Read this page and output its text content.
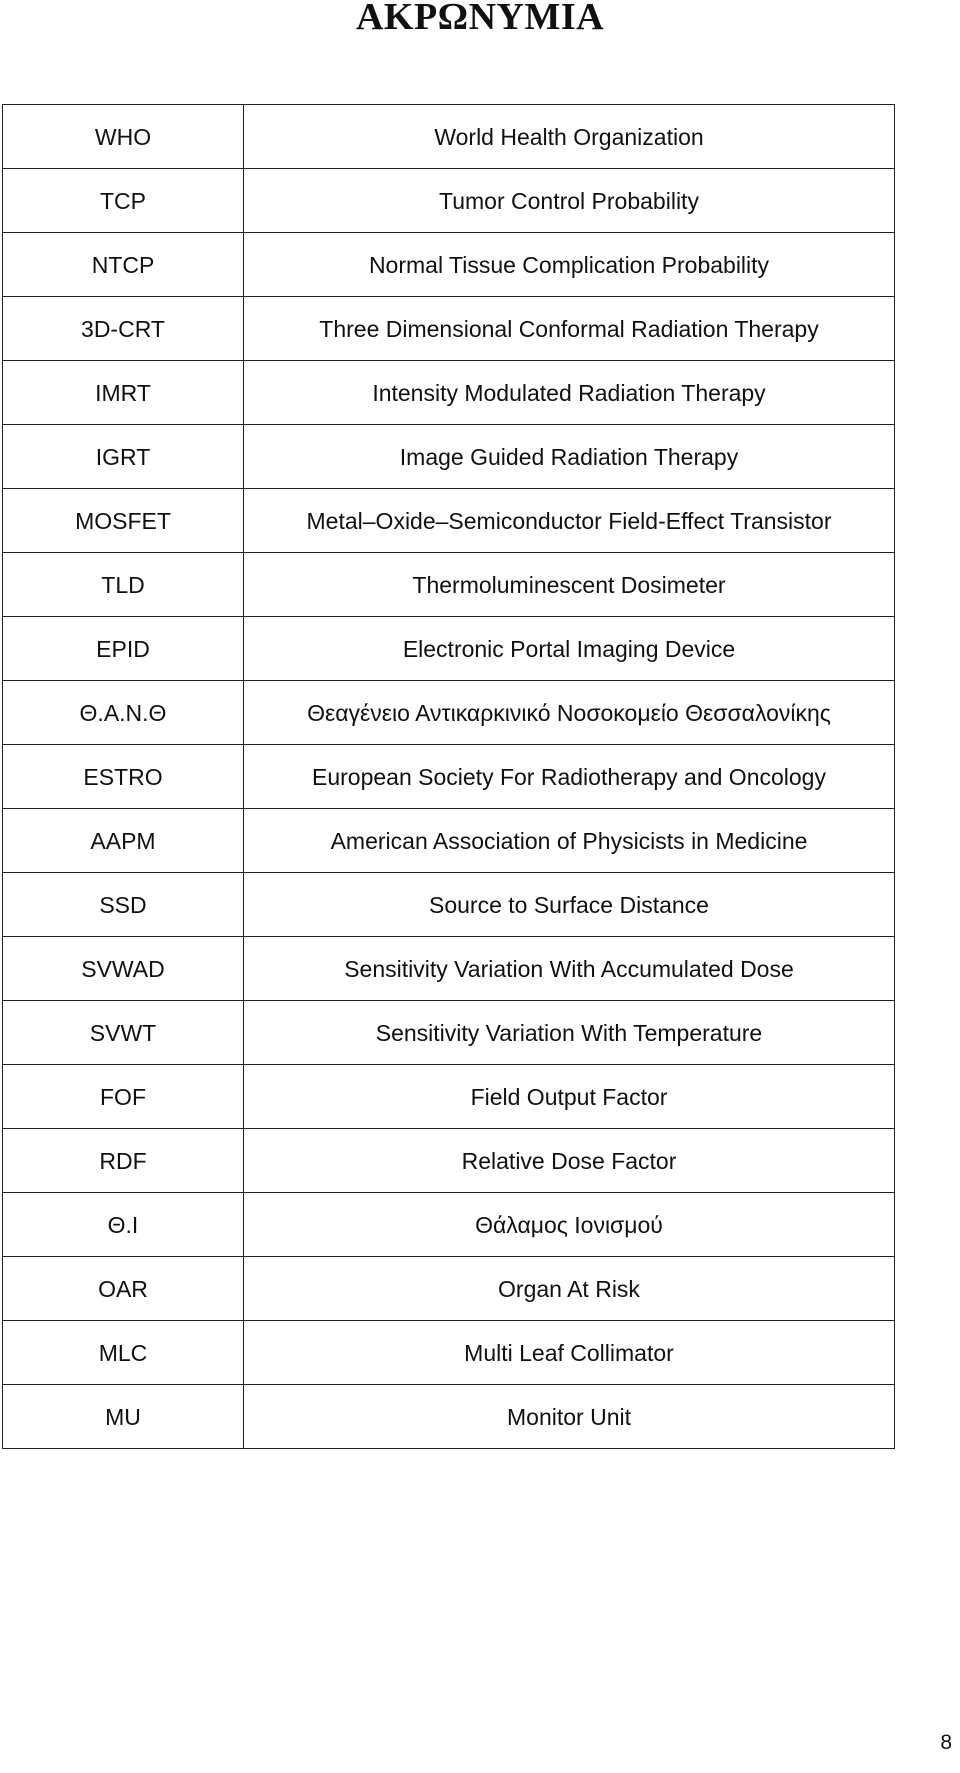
ΑΚΡΩΝΥΜΙΑ
WHO	World Health Organization
TCP	Tumor Control Probability
NTCP	Normal Tissue Complication Probability
3D-CRT	Three Dimensional Conformal Radiation Therapy
IMRT	Intensity Modulated Radiation Therapy
IGRT	Image Guided Radiation Therapy
MOSFET	Metal–Oxide–Semiconductor Field-Effect Transistor
TLD	Thermoluminescent Dosimeter
EPID	Electronic Portal Imaging Device
Θ.Α.Ν.Θ	Θεαγένειο Αντικαρκινικό Νοσοκομείο Θεσσαλονίκης
ESTRO	European Society For Radiotherapy and Oncology
AAPM	American Association of Physicists in Medicine
SSD	Source to Surface Distance
SVWAD	Sensitivity Variation With Accumulated Dose
SVWT	Sensitivity Variation With Temperature
FOF	Field Output Factor
RDF	Relative Dose Factor
Θ.Ι	Θάλαμος Ιονισμού
OAR	Organ At Risk
MLC	Multi Leaf Collimator
MU	Monitor Unit
8
